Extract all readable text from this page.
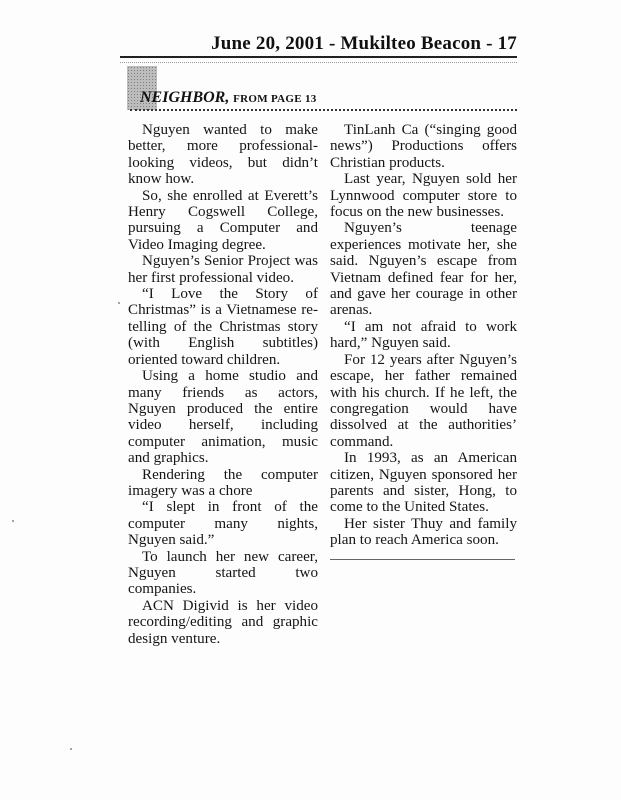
June 20, 2001 - Mukilteo Beacon - 17
NEIGHBOR, FROM PAGE 13

Nguyen wanted to make better, more professional-looking videos, but didn’t know how.

So, she enrolled at Everett’s Henry Cogswell College, pursuing a Computer and Video Imaging degree.

Nguyen’s Senior Project was her first professional video.

“I Love the Story of Christmas” is a Vietnamese re-telling of the Christmas story (with English subtitles) oriented toward children.

Using a home studio and many friends as actors, Nguyen produced the entire video herself, including computer animation, music and graphics.

Rendering the computer imagery was a chore

“I slept in front of the computer many nights, Nguyen said.”

To launch her new career, Nguyen started two companies.

ACN Digivid is her video recording/editing and graphic design venture.

TinLanh Ca (“singing good news”) Productions offers Christian products.

Last year, Nguyen sold her Lynnwood computer store to focus on the new businesses.

Nguyen’s teenage experiences motivate her, she said. Nguyen’s escape from Vietnam defined fear for her, and gave her courage in other arenas.

“I am not afraid to work hard,” Nguyen said.

For 12 years after Nguyen’s escape, her father remained with his church. If he left, the congregation would have dissolved at the authorities’ command.

In 1993, as an American citizen, Nguyen sponsored her parents and sister, Hong, to come to the United States.

Her sister Thuy and family plan to reach America soon.
